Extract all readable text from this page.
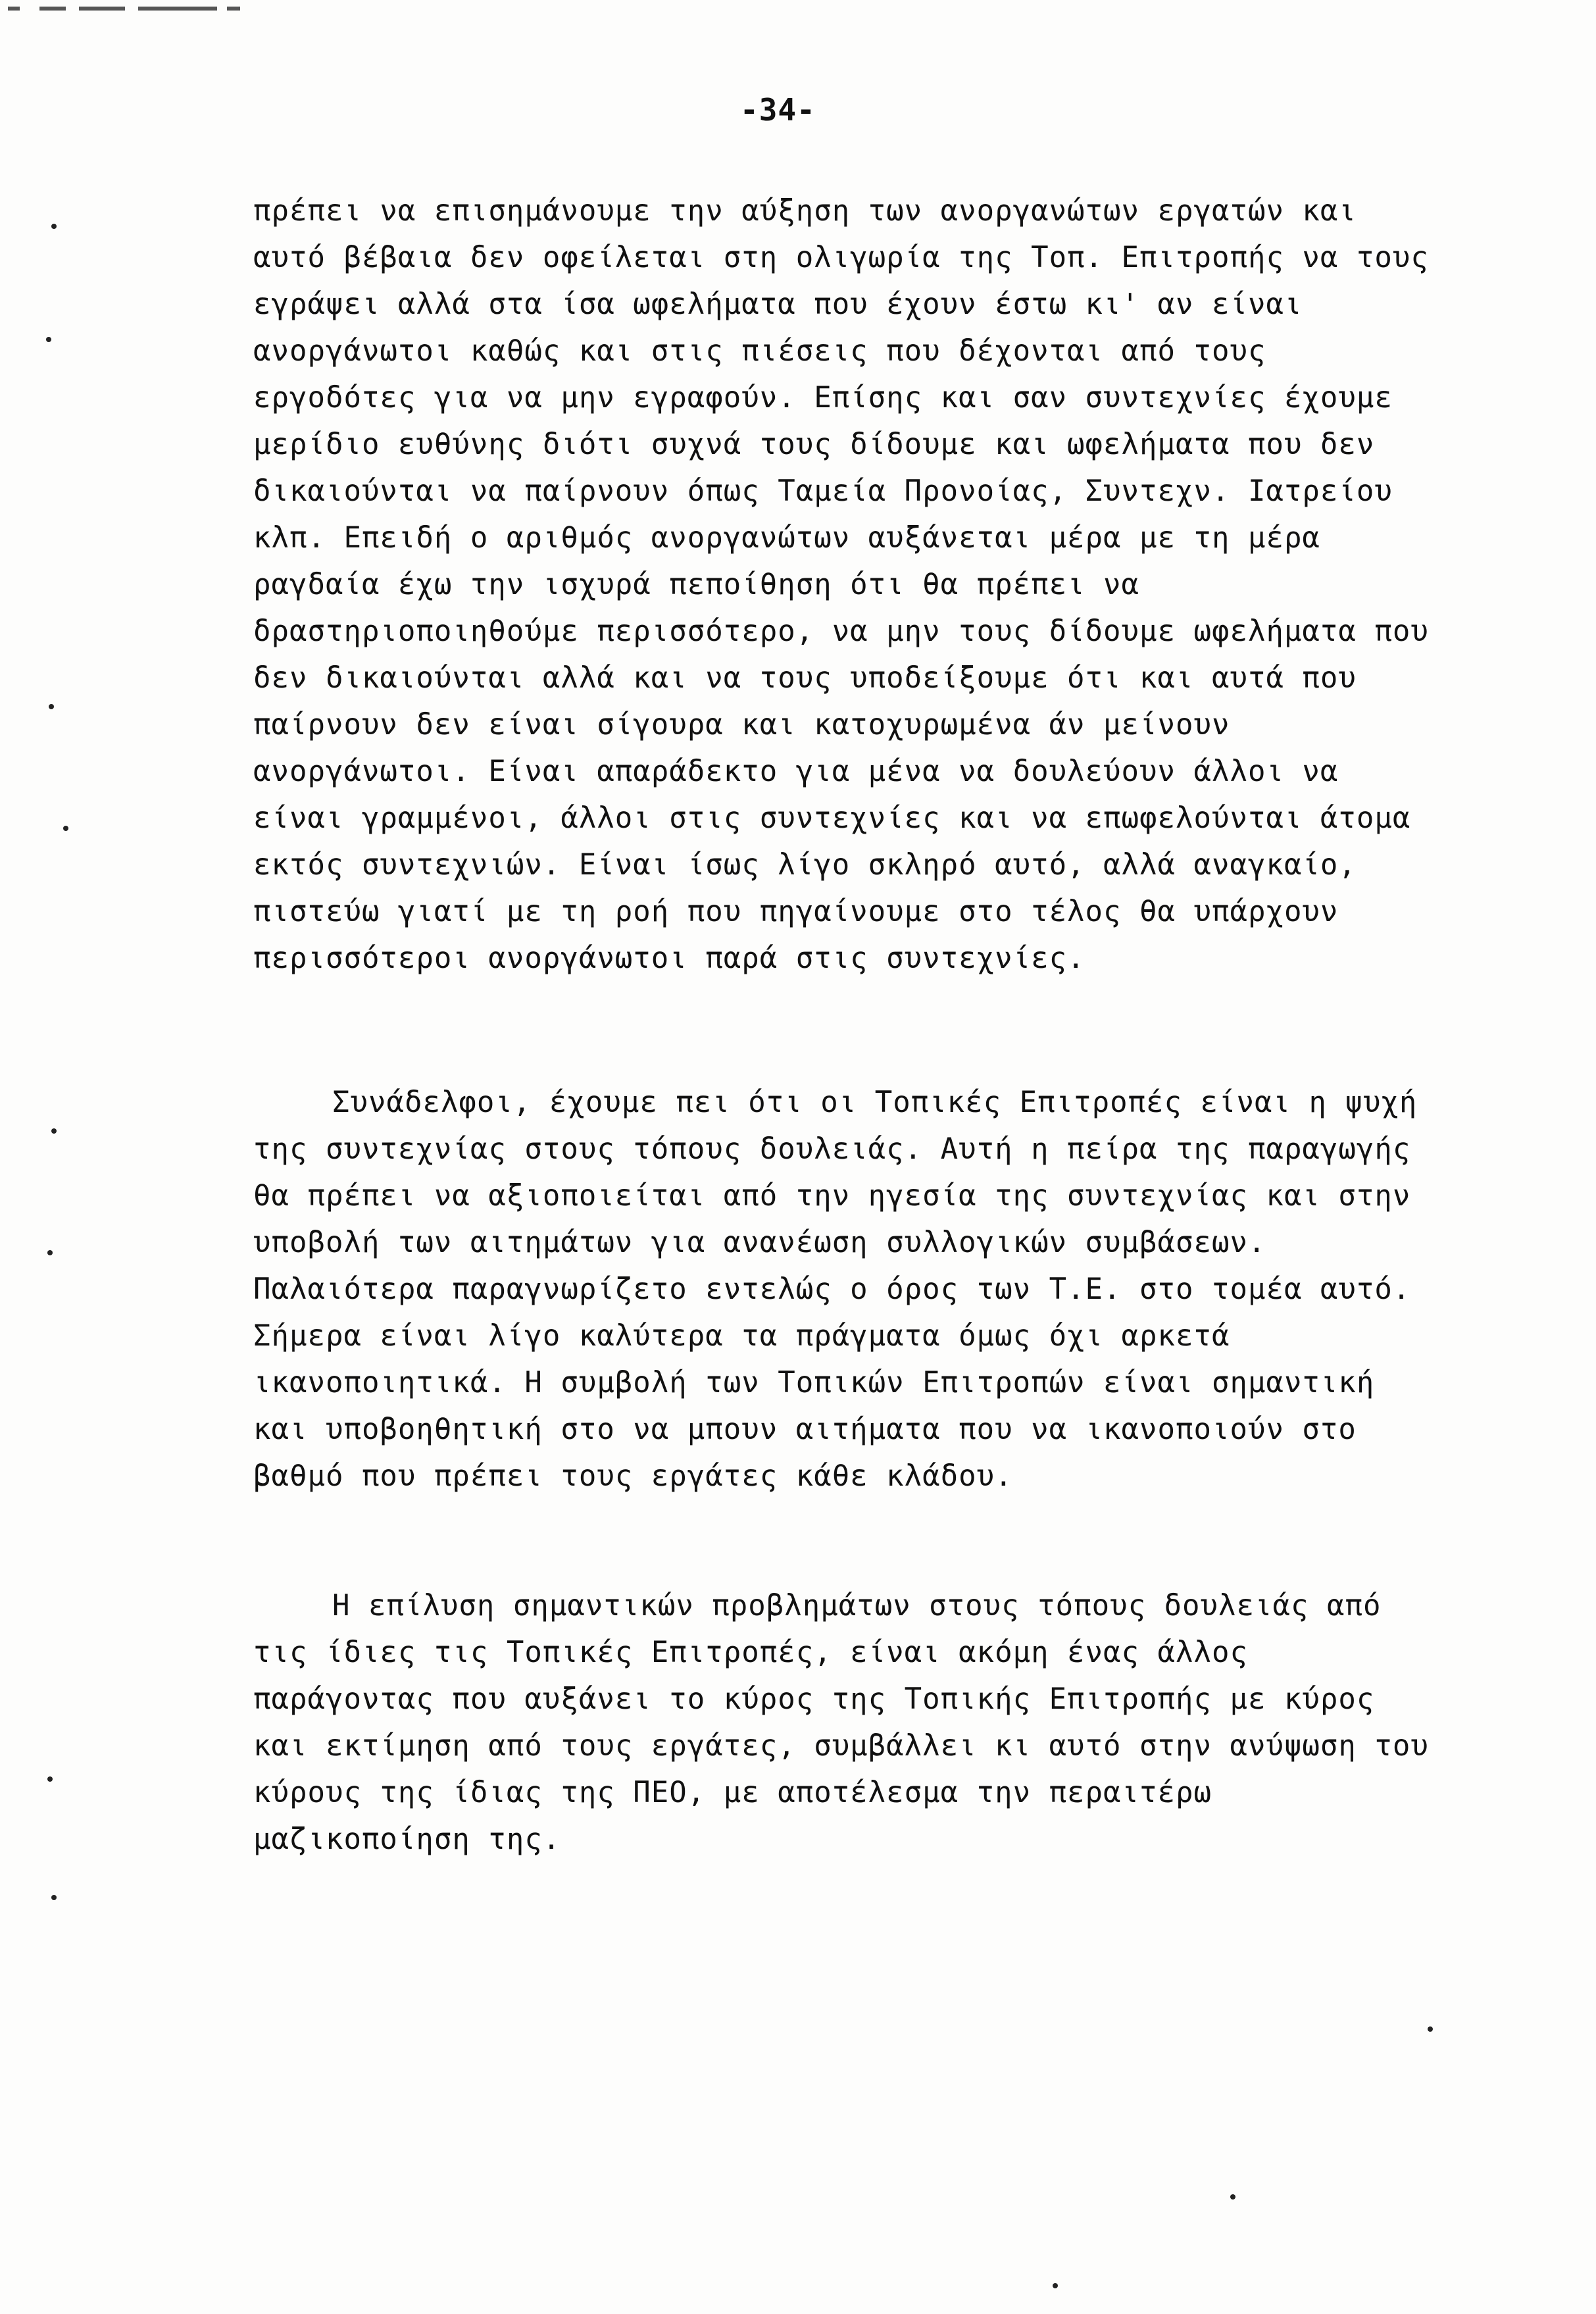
-34-
πρέπει να επισημάνουμε την αύξηση των ανοργανώτων εργατών και
αυτό βέβαια δεν οφείλεται στη ολιγωρία της Τοπ. Επιτροπής να τους
εγράψει αλλά στα ίσα ωφελήματα που έχουν έστω κι' αν είναι
ανοργάνωτοι καθώς και στις πιέσεις που δέχονται από τους
εργοδότες για να μην εγραφούν. Επίσης και σαν συντεχνίες έχουμε
μερίδιο ευθύνης διότι συχνά τους δίδουμε και ωφελήματα που δεν
δικαιούνται να παίρνουν όπως Ταμεία Προνοίας, Συντεχν. Ιατρείου
κλπ. Επειδή ο αριθμός ανοργανώτων αυξάνεται μέρα με τη μέρα
ραγδαία έχω την ισχυρά πεποίθηση ότι θα πρέπει να
δραστηριοποιηθούμε περισσότερο, να μην τους δίδουμε ωφελήματα που
δεν δικαιούνται αλλά και να τους υποδείξουμε ότι και αυτά που
παίρνουν δεν είναι σίγουρα και κατοχυρωμένα άν μείνουν
ανοργάνωτοι. Είναι απαράδεκτο για μένα να δουλεύουν άλλοι να
είναι γραμμένοι, άλλοι στις συντεχνίες και να επωφελούνται άτομα
εκτός συντεχνιών. Είναι ίσως λίγο σκληρό αυτό, αλλά αναγκαίο,
πιστεύω γιατί με τη ροή που πηγαίνουμε στο τέλος θα υπάρχουν
περισσότεροι ανοργάνωτοι παρά στις συντεχνίες.
Συνάδελφοι, έχουμε πει ότι οι Τοπικές Επιτροπές είναι η ψυχή
της συντεχνίας στους τόπους δουλειάς. Αυτή η πείρα της παραγωγής
θα πρέπει να αξιοποιείται από την ηγεσία της συντεχνίας και στην
υποβολή των αιτημάτων για ανανέωση συλλογικών συμβάσεων.
Παλαιότερα παραγνωρίζετο εντελώς ο όρος των Τ.Ε. στο τομέα αυτό.
Σήμερα είναι λίγο καλύτερα τα πράγματα όμως όχι αρκετά
ικανοποιητικά. Η συμβολή των Τοπικών Επιτροπών είναι σημαντική
και υποβοηθητική στο να μπουν αιτήματα που να ικανοποιούν στο
βαθμό που πρέπει τους εργάτες κάθε κλάδου.
Η επίλυση σημαντικών προβλημάτων στους τόπους δουλειάς από
τις ίδιες τις Τοπικές Επιτροπές, είναι ακόμη ένας άλλος
παράγοντας που αυξάνει το κύρος της Τοπικής Επιτροπής με κύρος
και εκτίμηση από τους εργάτες, συμβάλλει κι αυτό στην ανύψωση του
κύρους της ίδιας της ΠΕΟ, με αποτέλεσμα την περαιτέρω
μαζικοποίηση της.
